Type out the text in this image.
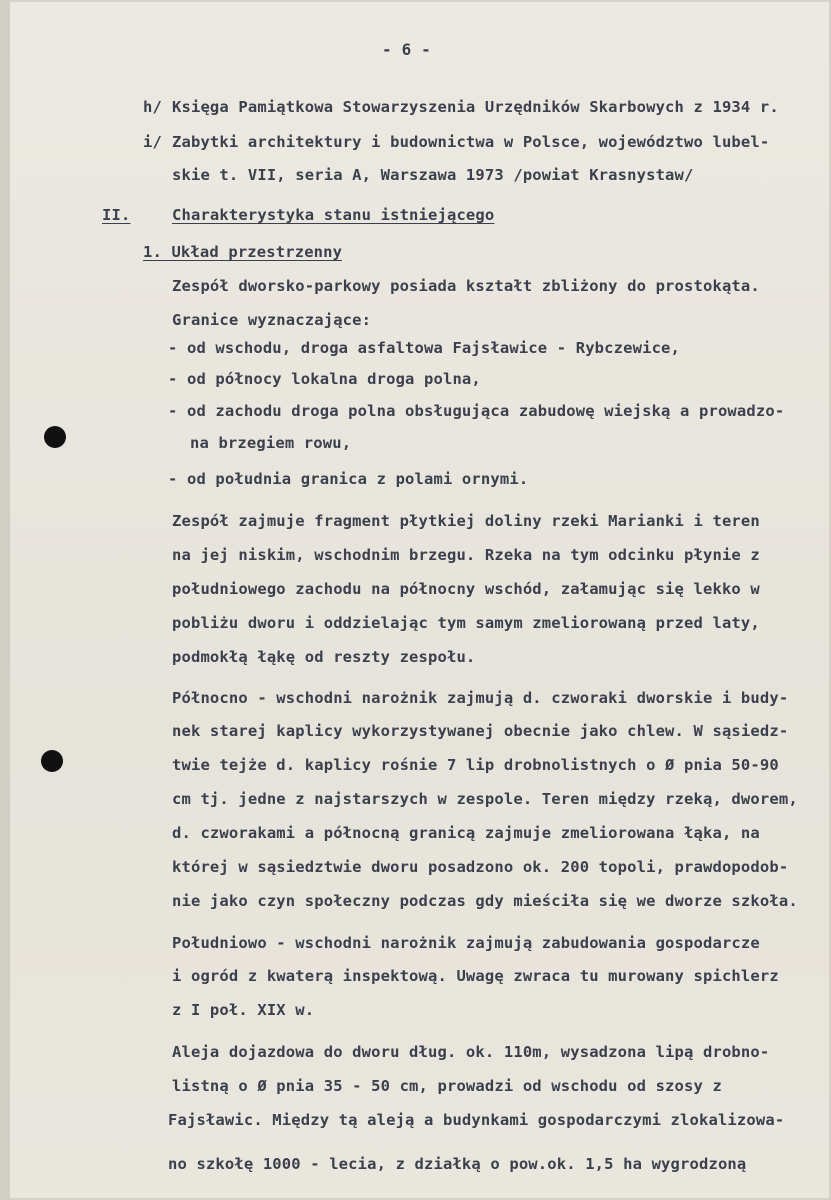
- 6 -
h/ Księga Pamiątkowa Stowarzyszenia Urzędników Skarbowych z 1934 r.
i/ Zabytki architektury i budownictwa w Polsce, województwo lubel-
skie t. VII, seria A, Warszawa 1973 /powiat Krasnystaw/
II.	Charakterystyka stanu istniejącego
1. Układ przestrzenny
Zespół dworsko-parkowy posiada kształt zbliżony do prostokąta.
Granice wyznaczające:
- od wschodu, droga asfaltowa Fajsławice - Rybczewice,
- od północy lokalna droga polna,
- od zachodu droga polna obsługująca zabudowę wiejską a prowadzo-
na brzegiem rowu,
- od południa granica z polami ornymi.
Zespół zajmuje fragment płytkiej doliny rzeki Marianki i teren
na jej niskim, wschodnim brzegu. Rzeka na tym odcinku płynie z
południowego zachodu na północny wschód, załamując się lekko w
pobliżu dworu i oddzielając tym samym zmeliorowaną przed laty,
podmokłą łąkę od reszty zespołu.
Północno - wschodni narożnik zajmują d. czworaki dworskie i budy-
nek starej kaplicy wykorzystywanej obecnie jako chlew. W sąsiedz-
twie tejże d. kaplicy rośnie 7 lip drobnolistnych o Ø pnia 50-90
cm tj. jedne z najstarszych w zespole. Teren między rzeką, dworem,
d. czworakami a północną granicą zajmuje zmeliorowana łąka, na
której w sąsiedztwie dworu posadzono ok. 200 topoli, prawdopodob-
nie jako czyn społeczny podczas gdy mieściła się we dworze szkoła.
Południowo - wschodni narożnik zajmują zabudowania gospodarcze
i ogród z kwaterą inspektową. Uwagę zwraca tu murowany spichlerz
z I poł. XIX w.
Aleja dojazdowa do dworu dług. ok. 110m, wysadzona lipą drobno-
listną o Ø pnia 35 - 50 cm, prowadzi od wschodu od szosy z
Fajsławic. Między tą aleją a budynkami gospodarczymi zlokalizowa-
no szkołę 1000 - lecia, z działką o pow.ok. 1,5 ha wygrodzoną
